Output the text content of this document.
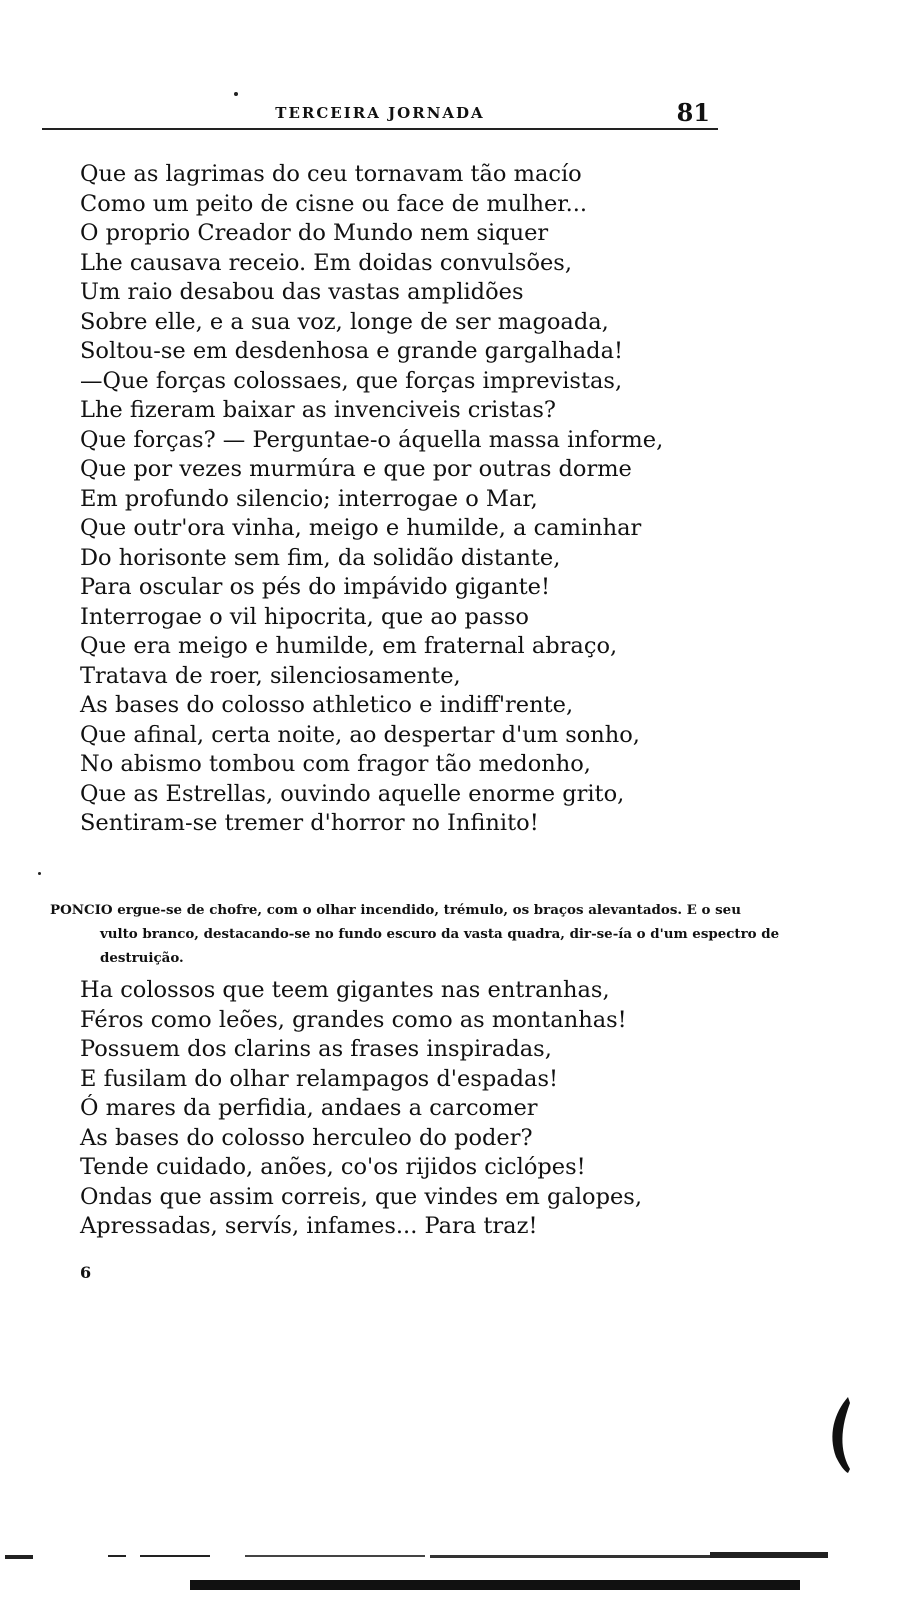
TERCEIRA JORNADA	81
Que as lagrimas do ceu tornavam tão macío
Como um peito de cisne ou face de mulher...
O proprio Creador do Mundo nem siquer
Lhe causava receio. Em doidas convulsões,
Um raio desabou das vastas amplidões
Sobre elle, e a sua voz, longe de ser magoada,
Soltou-se em desdenhosa e grande gargalhada!
—Que forças colossaes, que forças imprevistas,
Lhe fizeram baixar as invenciveis cristas?
Que forças? — Perguntae-o áquella massa informe,
Que por vezes murmúra e que por outras dorme
Em profundo silencio; interrogae o Mar,
Que outr'ora vinha, meigo e humilde, a caminhar
Do horisonte sem fim, da solidão distante,
Para oscular os pés do impávido gigante!
Interrogae o vil hipocrita, que ao passo
Que era meigo e humilde, em fraternal abraço,
Tratava de roer, silenciosamente,
As bases do colosso athletico e indiff'rente,
Que afinal, certa noite, ao despertar d'um sonho,
No abismo tombou com fragor tão medonho,
Que as Estrellas, ouvindo aquelle enorme grito,
Sentiram-se tremer d'horror no Infinito!

PONCIO ergue-se de chofre, com o olhar incendido, trémulo, os braços alevantados. E o seu vulto branco, destacando-se no fundo escuro da vasta quadra, dir-se-ía o d'um espectro de destruição.

Ha colossos que teem gigantes nas entranhas,
Féros como leões, grandes como as montanhas!
Possuem dos clarins as frases inspiradas,
E fusilam do olhar relampagos d'espadas!
Ó mares da perfidia, andaes a carcomer
As bases do colosso herculeo do poder?
Tende cuidado, anões, co'os rijidos ciclópes!
Ondas que assim correis, que vindes em galopes,
Apressadas, servís, infames... Para traz!
6
